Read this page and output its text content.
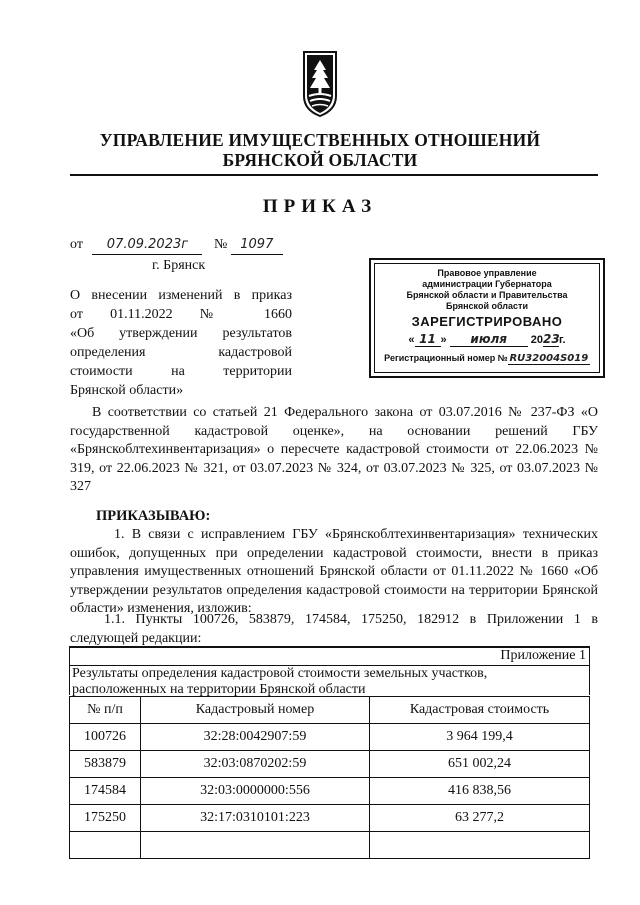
УПРАВЛЕНИЕ ИМУЩЕСТВЕННЫХ ОТНОШЕНИЙ
БРЯНСКОЙ ОБЛАСТИ
ПРИКАЗ
от 07.09.2023г № 1097
г. Брянск
О внесении изменений в приказ
от 01.11.2022 № 1660
«Об утверждении результатов
определения кадастровой
стоимости на территории
Брянской области»
Правовое управление
администрации Губернатора
Брянской области и Правительства
Брянской области
ЗАРЕГИСТРИРОВАНО
« 11 » июля 2023г.
Регистрационный номер № RU32004S019
В соответствии со статьей 21 Федерального закона от 03.07.2016 № 237-ФЗ «О государственной кадастровой оценке», на основании решений ГБУ «Брянскоблтехинвентаризация» о пересчете кадастровой стоимости от 22.06.2023 № 319, от 22.06.2023 № 321, от 03.07.2023 № 324, от 03.07.2023 № 325, от 03.07.2023 № 327
ПРИКАЗЫВАЮ:
1. В связи с исправлением ГБУ «Брянскоблтехинвентаризация» технических ошибок, допущенных при определении кадастровой стоимости, внести в приказ управления имущественных отношений Брянской области от 01.11.2022 № 1660 «Об утверждении результатов определения кадастровой стоимости на территории Брянской области» изменения, изложив:
1.1. Пункты 100726, 583879, 174584, 175250, 182912 в Приложении 1 в следующей редакции:
Приложение 1
Результаты определения кадастровой стоимости земельных участков,
расположенных на территории Брянской области
№ п/п	Кадастровый номер	Кадастровая стоимость
100726	32:28:0042907:59	3 964 199,4
583879	32:03:0870202:59	651 002,24
174584	32:03:0000000:556	416 838,56
175250	32:17:0310101:223	63 277,2
